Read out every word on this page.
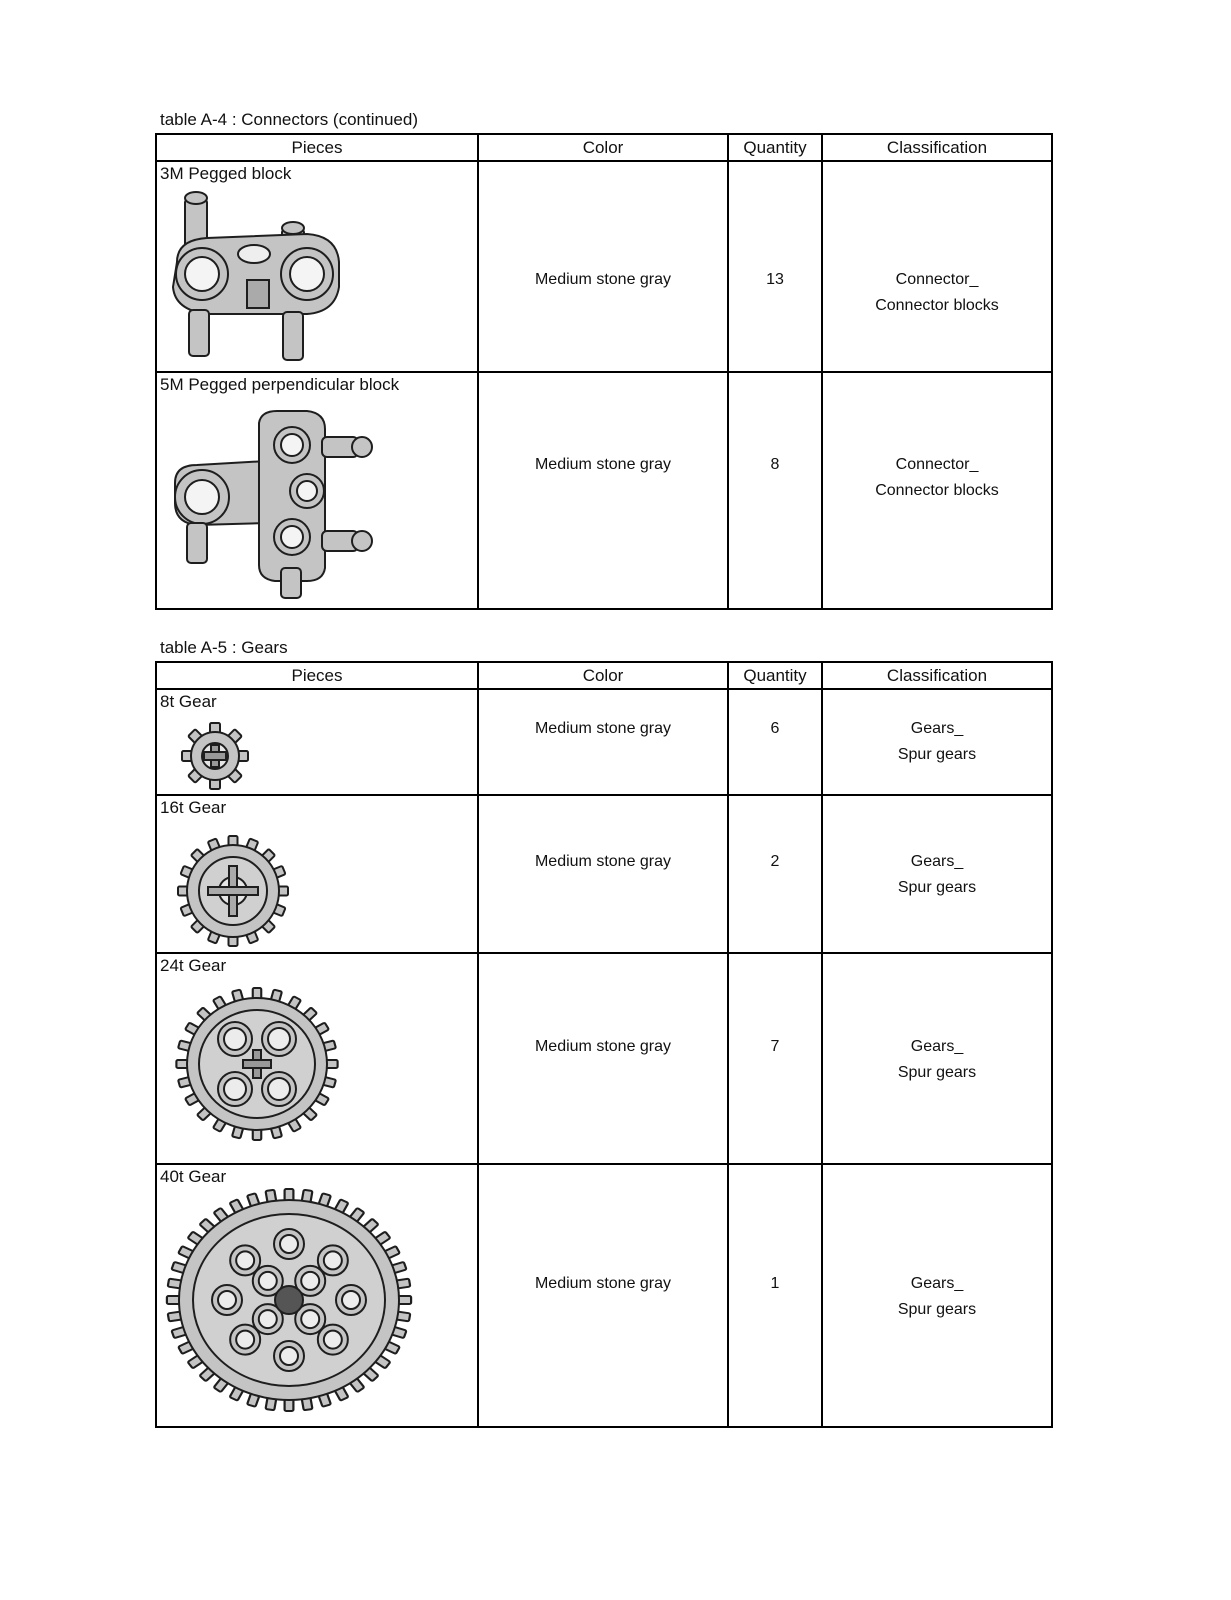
table A-4 : Connectors (continued)
Pieces	Color	Quantity	Classification

3M Pegged block	Medium stone gray	13	Connector_
Connector blocks

5M Pegged perpendicular block	Medium stone gray	8	Connector_
Connector blocks
table A-5 : Gears
Pieces	Color	Quantity	Classification

8t Gear	Medium stone gray	6	Gears_
Spur gears

16t Gear	Medium stone gray	2	Gears_
Spur gears

24t Gear	Medium stone gray	7	Gears_
Spur gears

40t Gear	Medium stone gray	1	Gears_
Spur gears
